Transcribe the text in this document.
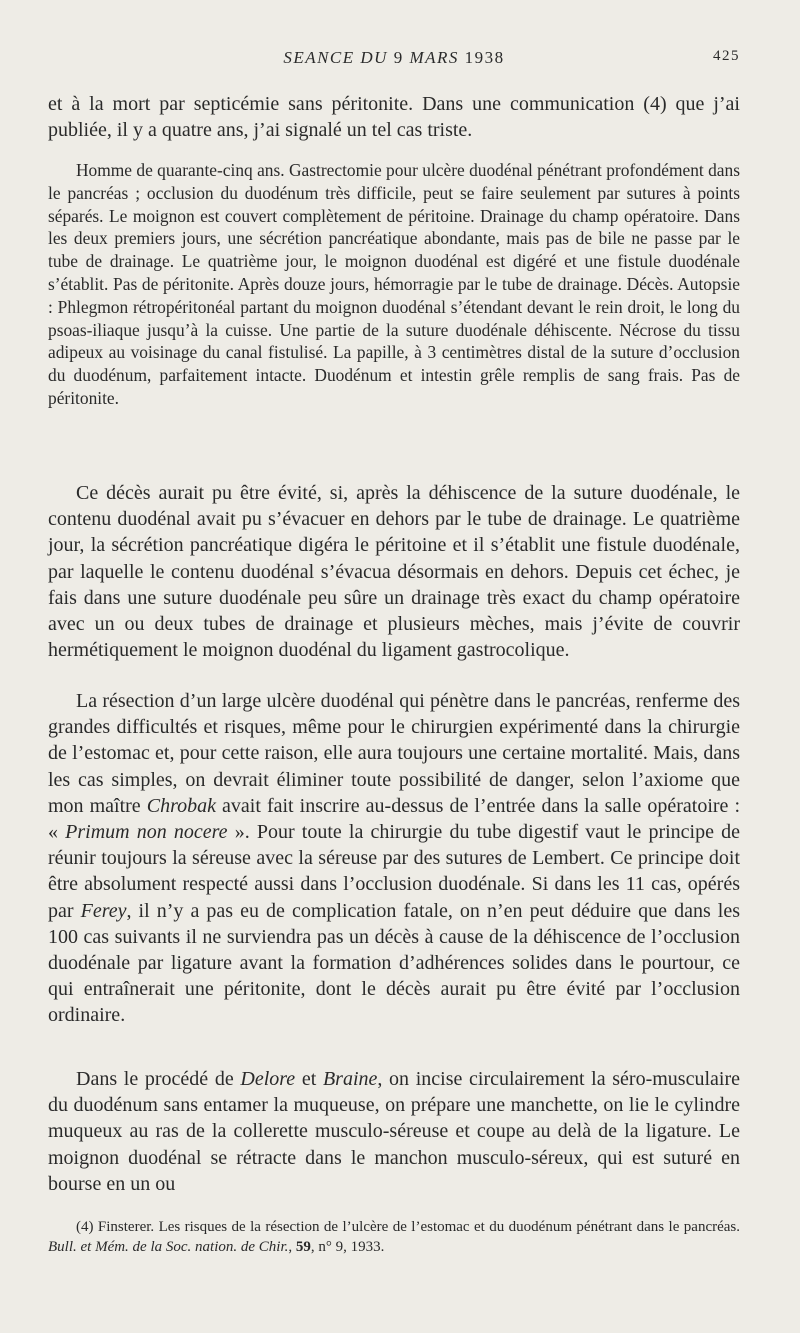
SEANCE DU 9 MARS 1938	425

et à la mort par septicémie sans péritonite. Dans une communication (4) que j’ai publiée, il y a quatre ans, j’ai signalé un tel cas triste.

Homme de quarante-cinq ans. Gastrectomie pour ulcère duodénal pénétrant profondément dans le pancréas ; occlusion du duodénum très difficile, peut se faire seulement par sutures à points séparés. Le moignon est couvert complètement de péritoine. Drainage du champ opératoire. Dans les deux premiers jours, une sécrétion pancréatique abondante, mais pas de bile ne passe par le tube de drainage. Le quatrième jour, le moignon duodénal est digéré et une fistule duodénale s’établit. Pas de péritonite. Après douze jours, hémorragie par le tube de drainage. Décès. Autopsie : Phlegmon rétropéritonéal partant du moignon duodénal s’étendant devant le rein droit, le long du psoas-iliaque jusqu’à la cuisse. Une partie de la suture duodénale déhiscente. Nécrose du tissu adipeux au voisinage du canal fistulisé. La papille, à 3 centimètres distal de la suture d’occlusion du duodénum, parfaitement intacte. Duodénum et intestin grêle remplis de sang frais. Pas de péritonite.

Ce décès aurait pu être évité, si, après la déhiscence de la suture duodénale, le contenu duodénal avait pu s’évacuer en dehors par le tube de drainage. Le quatrième jour, la sécrétion pancréatique digéra le péritoine et il s’établit une fistule duodénale, par laquelle le contenu duodénal s’évacua désormais en dehors. Depuis cet échec, je fais dans une suture duodénale peu sûre un drainage très exact du champ opératoire avec un ou deux tubes de drainage et plusieurs mèches, mais j’évite de couvrir hermétiquement le moignon duodénal du ligament gastrocolique.

La résection d’un large ulcère duodénal qui pénètre dans le pancréas, renferme des grandes difficultés et risques, même pour le chirurgien expérimenté dans la chirurgie de l’estomac et, pour cette raison, elle aura toujours une certaine mortalité. Mais, dans les cas simples, on devrait éliminer toute possibilité de danger, selon l’axiome que mon maître Chrobak avait fait inscrire au-dessus de l’entrée dans la salle opératoire : « Primum non nocere ». Pour toute la chirurgie du tube digestif vaut le principe de réunir toujours la séreuse avec la séreuse par des sutures de Lembert. Ce principe doit être absolument respecté aussi dans l’occlusion duodénale. Si dans les 11 cas, opérés par Ferey, il n’y a pas eu de complication fatale, on n’en peut déduire que dans les 100 cas suivants il ne surviendra pas un décès à cause de la déhiscence de l’occlusion duodénale par ligature avant la formation d’adhérences solides dans le pourtour, ce qui entraînerait une péritonite, dont le décès aurait pu être évité par l’occlusion ordinaire.

Dans le procédé de Delore et Braine, on incise circulairement la séro-musculaire du duodénum sans entamer la muqueuse, on prépare une manchette, on lie le cylindre muqueux au ras de la collerette musculo-séreuse et coupe au delà de la ligature. Le moignon duodénal se rétracte dans le manchon musculo-séreux, qui est suturé en bourse en un ou

(4) Finsterer. Les risques de la résection de l’ulcère de l’estomac et du duodénum pénétrant dans le pancréas. Bull. et Mém. de la Soc. nation. de Chir., 59, n° 9, 1933.
